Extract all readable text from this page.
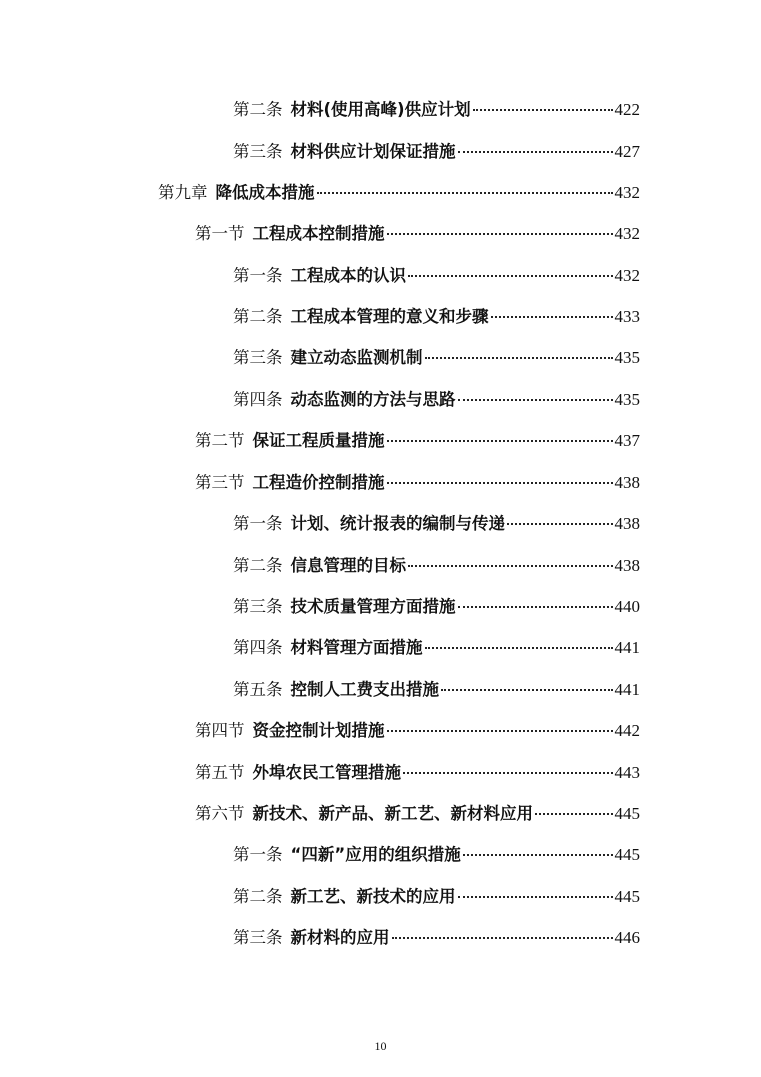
第二条 材料(使用高峰)供应计划	422
第三条 材料供应计划保证措施	427
第九章 降低成本措施	432
第一节 工程成本控制措施	432
第一条 工程成本的认识	432
第二条 工程成本管理的意义和步骤	433
第三条 建立动态监测机制	435
第四条 动态监测的方法与思路	435
第二节 保证工程质量措施	437
第三节 工程造价控制措施	438
第一条 计划、统计报表的编制与传递	438
第二条 信息管理的目标	438
第三条 技术质量管理方面措施	440
第四条 材料管理方面措施	441
第五条 控制人工费支出措施	441
第四节 资金控制计划措施	442
第五节 外埠农民工管理措施	443
第六节 新技术、新产品、新工艺、新材料应用	445
第一条 “四新”应用的组织措施	445
第二条 新工艺、新技术的应用	445
第三条 新材料的应用	446
10
